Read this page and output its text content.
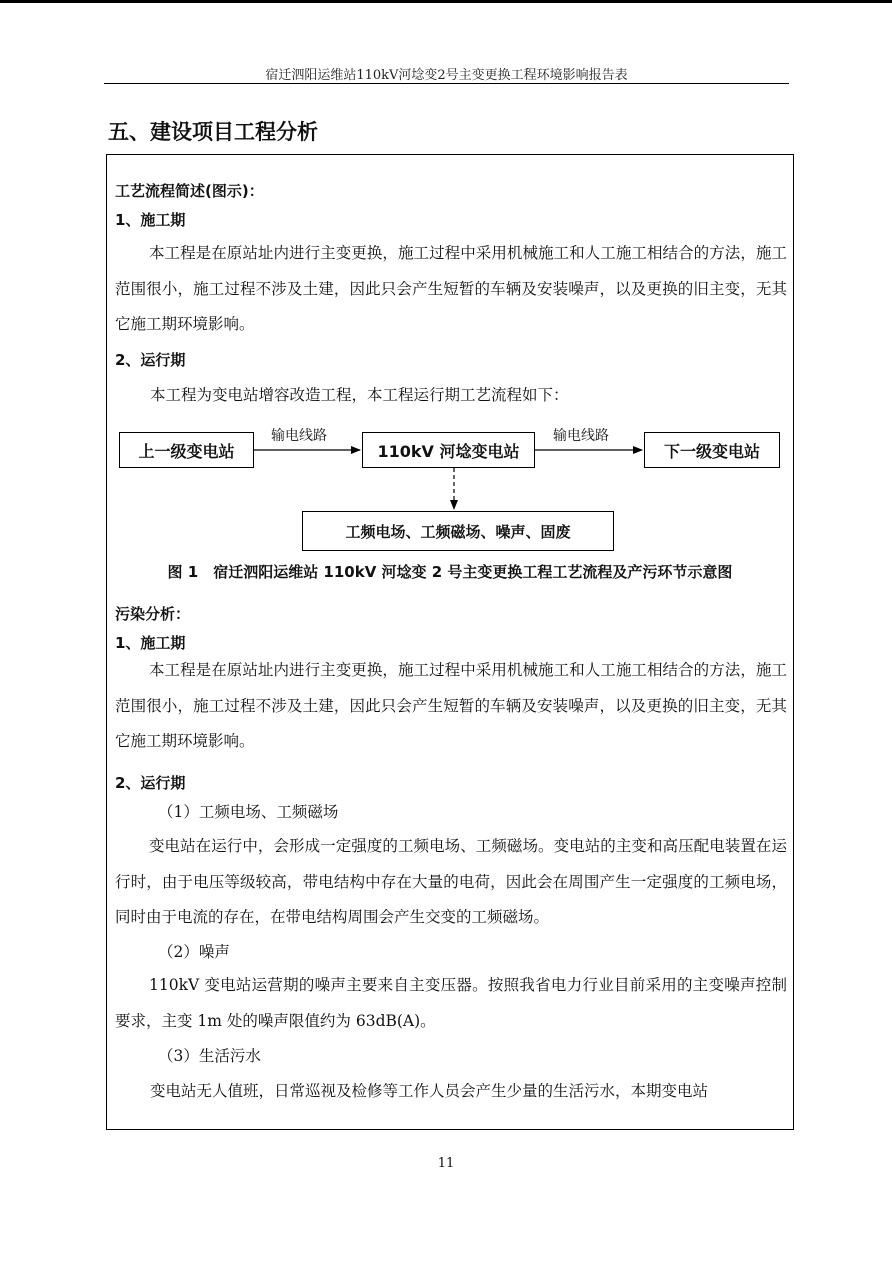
宿迁泗阳运维站110kV河埝变2号主变更换工程环境影响报告表
五、建设项目工程分析
工艺流程简述(图示)：
1、施工期

本工程是在原站址内进行主变更换，施工过程中采用机械施工和人工施工相结合的方法，施工范围很小，施工过程不涉及土建，因此只会产生短暂的车辆及安装噪声，以及更换的旧主变，无其它施工期环境影响。

2、运行期
本工程为变电站增容改造工程，本工程运行期工艺流程如下：
上一级变电站	110kV 河埝变电站	下一级变电站
工频电场、工频磁场、噪声、固废
输电线路	输电线路
图 1　宿迁泗阳运维站 110kV 河埝变 2 号主变更换工程工艺流程及产污环节示意图
污染分析：
1、施工期

本工程是在原站址内进行主变更换，施工过程中采用机械施工和人工施工相结合的方法，施工范围很小，施工过程不涉及土建，因此只会产生短暂的车辆及安装噪声，以及更换的旧主变，无其它施工期环境影响。

2、运行期
（1）工频电场、工频磁场

变电站在运行中，会形成一定强度的工频电场、工频磁场。变电站的主变和高压配电装置在运行时，由于电压等级较高，带电结构中存在大量的电荷，因此会在周围产生一定强度的工频电场，同时由于电流的存在，在带电结构周围会产生交变的工频磁场。

（2）噪声

110kV 变电站运营期的噪声主要来自主变压器。按照我省电力行业目前采用的主变噪声控制要求，主变 1m 处的噪声限值约为 63dB(A)。

（3）生活污水
变电站无人值班，日常巡视及检修等工作人员会产生少量的生活污水，本期变电站
11
